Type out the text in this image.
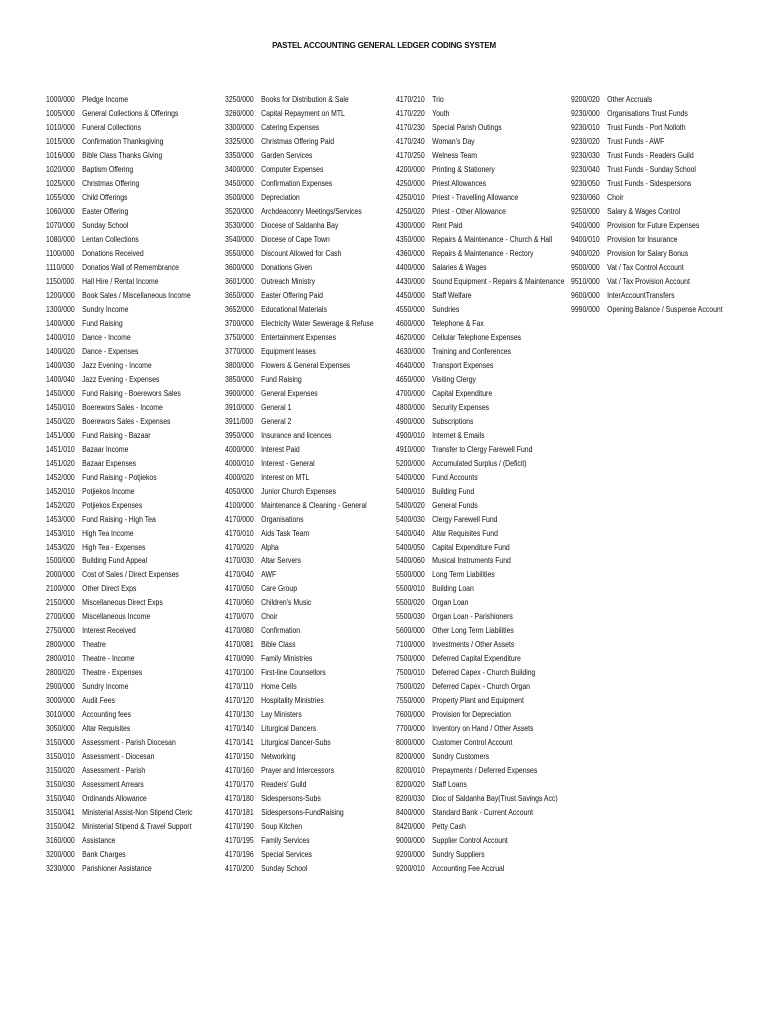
PASTEL ACCOUNTING GENERAL LEDGER CODING SYSTEM
1000/000 Pledge Income
1005/000 General Collections & Offerings
1010/000 Funeral Collections
1015/000 Confirmation Thanksgiving
1016/000 Bible Class Thanks Giving
1020/000 Baptism Offering
1025/000 Christmas Offering
1055/000 Child Offerings
1060/000 Easter Offering
1070/000 Sunday School
1080/000 Lentan Collections
1100/000 Donations Received
1110/000 Donatios Wall of Remembrance
1150/000 Hall Hire / Rental Income
1200/000 Book Sales / Miscellaneous Income
1300/000 Sundry Income
1400/000 Fund Raising
1400/010 Dance - Income
1400/020 Dance - Expenses
1400/030 Jazz Evening - Income
1400/040 Jazz Evening - Expenses
1450/000 Fund Raising - Boerewors Sales
1450/010 Boerewors Sales - Income
1450/020 Boerewors Sales - Expenses
1451/000 Fund Raising - Bazaar
1451/010 Bazaar Income
1451/020 Bazaar Expenses
1452/000 Fund Raising - Potjiekos
1452/010 Potjiekos Income
1452/020 Potjiekos Expenses
1453/000 Fund Raising - High Tea
1453/010 High Tea Income
1453/020 High Tea - Expenses
1500/000 Building Fund Appeal
2000/000 Cost of Sales / Direct Expenses
2100/000 Other Direct Exps
2150/000 Miscellaneous Direct Exps
2700/000 Miscellaneous Income
2750/000 Interest Received
2800/000 Theatre
2800/010 Theatre - Income
2800/020 Theatre - Expenses
2900/000 Sundry Income
3000/000 Audit Fees
3010/000 Accounting fees
3050/000 Altar Requisites
3150/000 Assessment - Parish Diocesan
3150/010 Assessment - Diocesan
3150/020 Assessment - Parish
3150/030 Assessment Arrears
3150/040 Ordinands Allowance
3150/041 Ministerial Assist-Non Stipend Cleric
3150/042 Ministerial Stipend & Travel Support
3160/000 Assistance
3200/000 Bank Charges
3230/000 Parishioner Assistance
3250/000 Books for Distribution & Sale
3260/000 Capital Repayment on MTL
3300/000 Catering Expenses
3325/000 Christmas Offering Paid
3350/000 Garden Services
3400/000 Computer Expenses
3450/000 Confirmation Expenses
3500/000 Depreciation
3520/000 Archdeaconry Meetings/Services
3530/000 Diocese of Saldanha Bay
3540/000 Diocese of Cape Town
3550/000 Discount Allowed for Cash
3600/000 Donations Given
3601/000 Outreach Ministry
3650/000 Easter Offering Paid
3652/000 Educational Materials
3700/000 Electricity Water Sewerage & Refuse
3750/000 Entertainment Expenses
3770/000 Equipment leases
3800/000 Flowers & General Expenses
3850/000 Fund Raising
3900/000 General Expenses
3910/000 General 1
3911/000 General 2
3950/000 Insurance and licences
4000/000 Interest Paid
4000/010 Interest - General
4000/020 Interest on MTL
4050/000 Junior Church Expenses
4100/000 Maintenance & Cleaning - General
4170/000 Organisations
4170/010 Aids Task Team
4170/020 Alpha
4170/030 Altar Servers
4170/040 AWF
4170/050 Care Group
4170/060 Children's Music
4170/070 Choir
4170/080 Confirmation
4170/081 Bible Class
4170/090 Family Ministries
4170/100 First-line Counsellors
4170/110 Home Cells
4170/120 Hospitality Ministries
4170/130 Lay Ministers
4170/140 Liturgical Dancers
4170/141 Liturgical Dancer-Subs
4170/150 Networking
4170/160 Prayer and Intercessors
4170/170 Readers' Guild
4170/180 Sidespersons-Subs
4170/181 Sidespersons-FundRaising
4170/190 Soup Kitchen
4170/195 Family Services
4170/196 Special Services
4170/200 Sunday School
4170/210 Trio
4170/220 Youth
4170/230 Special Parish Outings
4170/240 Woman's Day
4170/250 Welness Team
4200/000 Printing & Stationery
4250/000 Priest Allowances
4250/010 Priest - Travelling Allowance
4250/020 Priest - Other Allowance
4300/000 Rent Paid
4350/000 Repairs & Maintenance - Church & Hall
4360/000 Repairs & Maintenance - Rectory
4400/000 Salaries & Wages
4430/000 Sound Equipment - Repairs & Maintenance
4450/000 Staff Welfare
4550/000 Sundries
4600/000 Telephone & Fax
4620/000 Cellular Telephone Expenses
4630/000 Training and Conferences
4640/000 Transport Expenses
4650/000 Visiting Clergy
4700/000 Capital Expenditure
4800/000 Security Expenses
4900/000 Subscriptions
4900/010 Internet & Emails
4910/000 Transfer to Clergy Farewell Fund
5200/000 Accumulated Surplus / (Deficit)
5400/000 Fund Accounts
5400/010 Building Fund
5400/020 General Funds
5400/030 Clergy Farewell Fund
5400/040 Altar Requisites Fund
5400/050 Capital Expenditure Fund
5400/060 Musical Instruments Fund
5500/000 Long Term Liabilities
5500/010 Building Loan
5500/020 Organ Loan
5500/030 Organ Loan - Parishioners
5600/000 Other Long Term Liabilities
7100/000 Investments / Other Assets
7500/000 Deferred Capital Expenditure
7500/010 Deferred Capex - Church Building
7500/020 Deferred Capex - Church Organ
7550/000 Property Plant and Equipment
7600/000 Provision for Depreciation
7700/000 Inventory on Hand / Other Assets
8000/000 Customer Control Account
8200/000 Sundry Customers
8200/010 Prepayments / Deferred Expenses
8200/020 Staff Loans
8200/030 Dioc of Saldanha Bay(Trust Savings Acc)
8400/000 Standard Bank - Current Account
8420/000 Petty Cash
9000/000 Supplier Control Account
9200/000 Sundry Suppliers
9200/010 Accounting Fee Accrual
9200/020 Other Accruals
9230/000 Organisations Trust Funds
9230/010 Trust Funds - Port Nolloth
9230/020 Trust Funds - AWF
9230/030 Trust Funds - Readers Guild
9230/040 Trust Funds - Sunday School
9230/050 Trust Funds - Sidespersons
9230/060 Choir
9250/000 Salary & Wages Control
9400/000 Provision for Future Expenses
9400/010 Provision for Insurance
9400/020 Provision for Salary Bonus
9500/000 Vat / Tax Control Account
9510/000 Vat / Tax Provision Account
9600/000 InterAccountTransfers
9990/000 Opening Balance / Suspense Account
